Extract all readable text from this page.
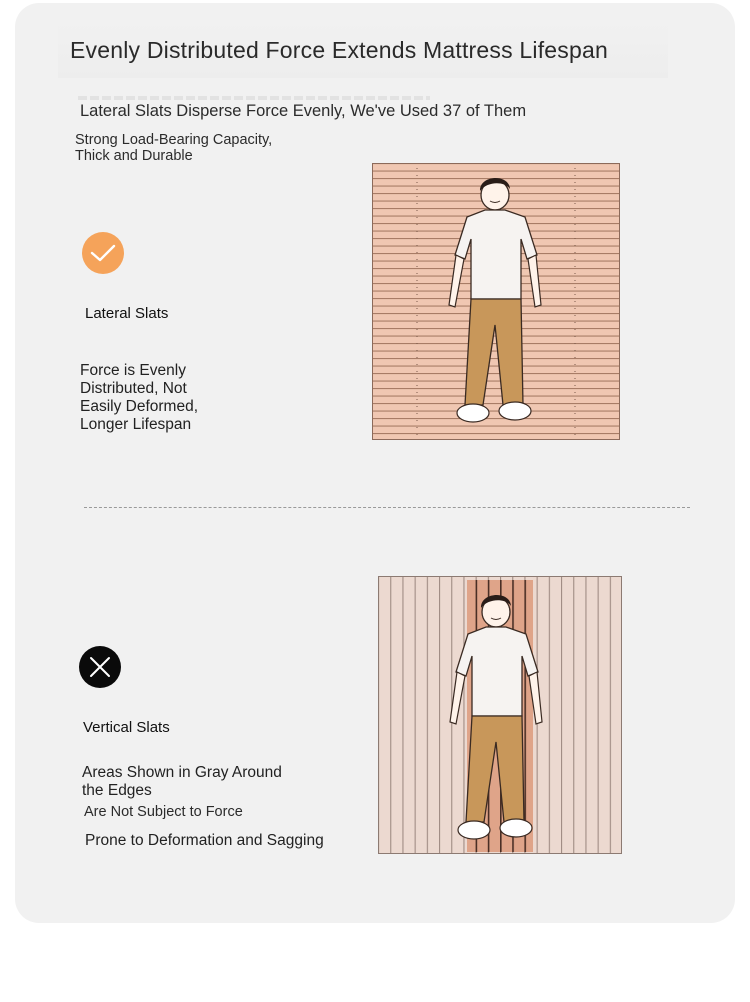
Evenly Distributed Force Extends Mattress Lifespan
Lateral Slats Disperse Force Evenly, We've Used 37 of Them
Strong Load-Bearing Capacity,
Thick and Durable
Lateral Slats
Force is Evenly
Distributed, Not
Easily Deformed,
Longer Lifespan
Vertical Slats
Areas Shown in Gray Around
the Edges
Are Not Subject to Force
Prone to Deformation and Sagging
